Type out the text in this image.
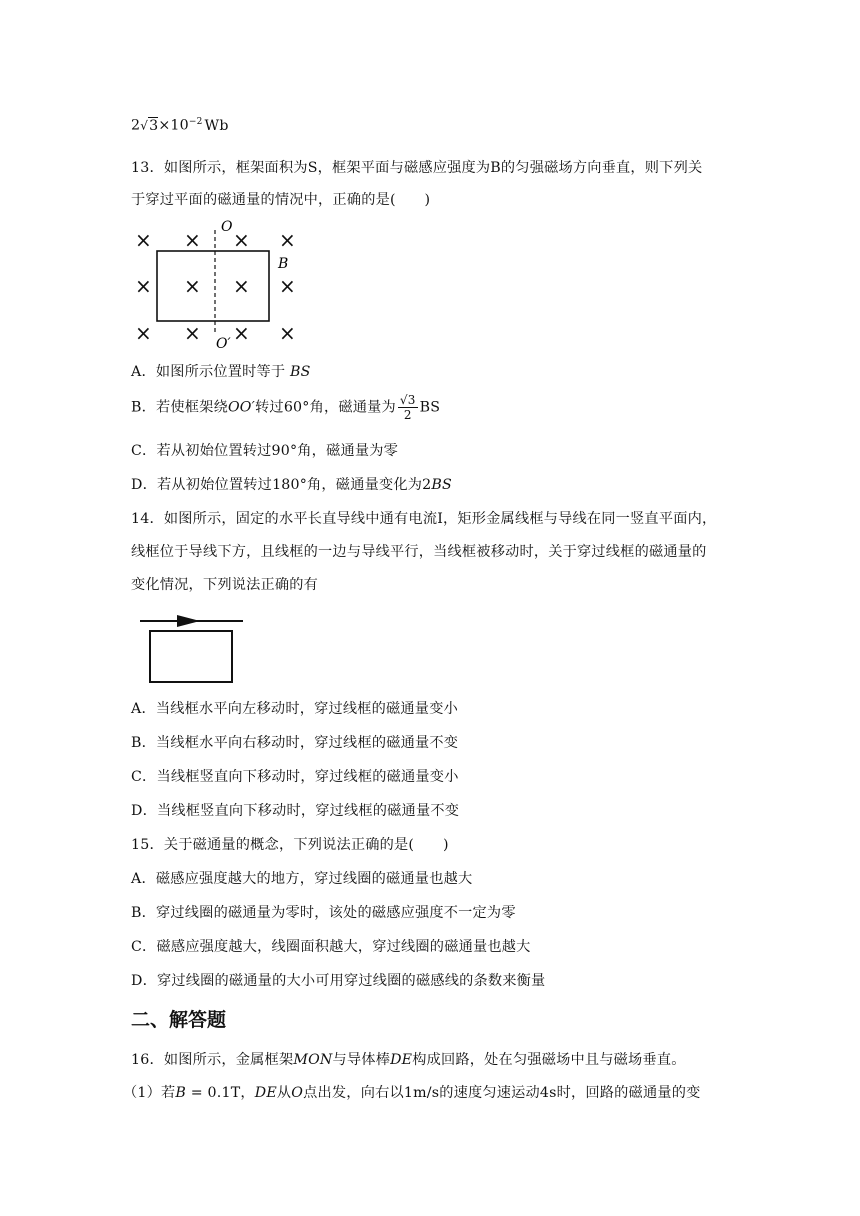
$2√3\times 10^{-2}$ Wb
13．如图所示，框架面积为S，框架平面与磁感应强度为B的匀强磁场方向垂直，则下列关
于穿过平面的磁通量的情况中，正确的是(　　)
O
O′
B
× × × ×
× × × ×
× × × ×
A．如图所示位置时等于 BS
B．若使框架绕OO′转过60°角，磁通量为 $\frac{√3}{2}$ BS
C．若从初始位置转过90°角，磁通量为零
D．若从初始位置转过180°角，磁通量变化为2BS
14．如图所示，固定的水平长直导线中通有电流I，矩形金属线框与导线在同一竖直平面内，
线框位于导线下方，且线框的一边与导线平行，当线框被移动时，关于穿过线框的磁通量的
变化情况，下列说法正确的有
A．当线框水平向左移动时，穿过线框的磁通量变小
B．当线框水平向右移动时，穿过线框的磁通量不变
C．当线框竖直向下移动时，穿过线框的磁通量变小
D．当线框竖直向下移动时，穿过线框的磁通量不变
15．关于磁通量的概念，下列说法正确的是(　　)
A．磁感应强度越大的地方，穿过线圈的磁通量也越大
B．穿过线圈的磁通量为零时，该处的磁感应强度不一定为零
C．磁感应强度越大，线圈面积越大，穿过线圈的磁通量也越大
D．穿过线圈的磁通量的大小可用穿过线圈的磁感线的条数来衡量
二、解答题
16．如图所示，金属框架MON与导体棒DE构成回路，处在匀强磁场中且与磁场垂直。
（1）若B = 0.1T，DE从O点出发，向右以1m/s的速度匀速运动4s时，回路的磁通量的变
